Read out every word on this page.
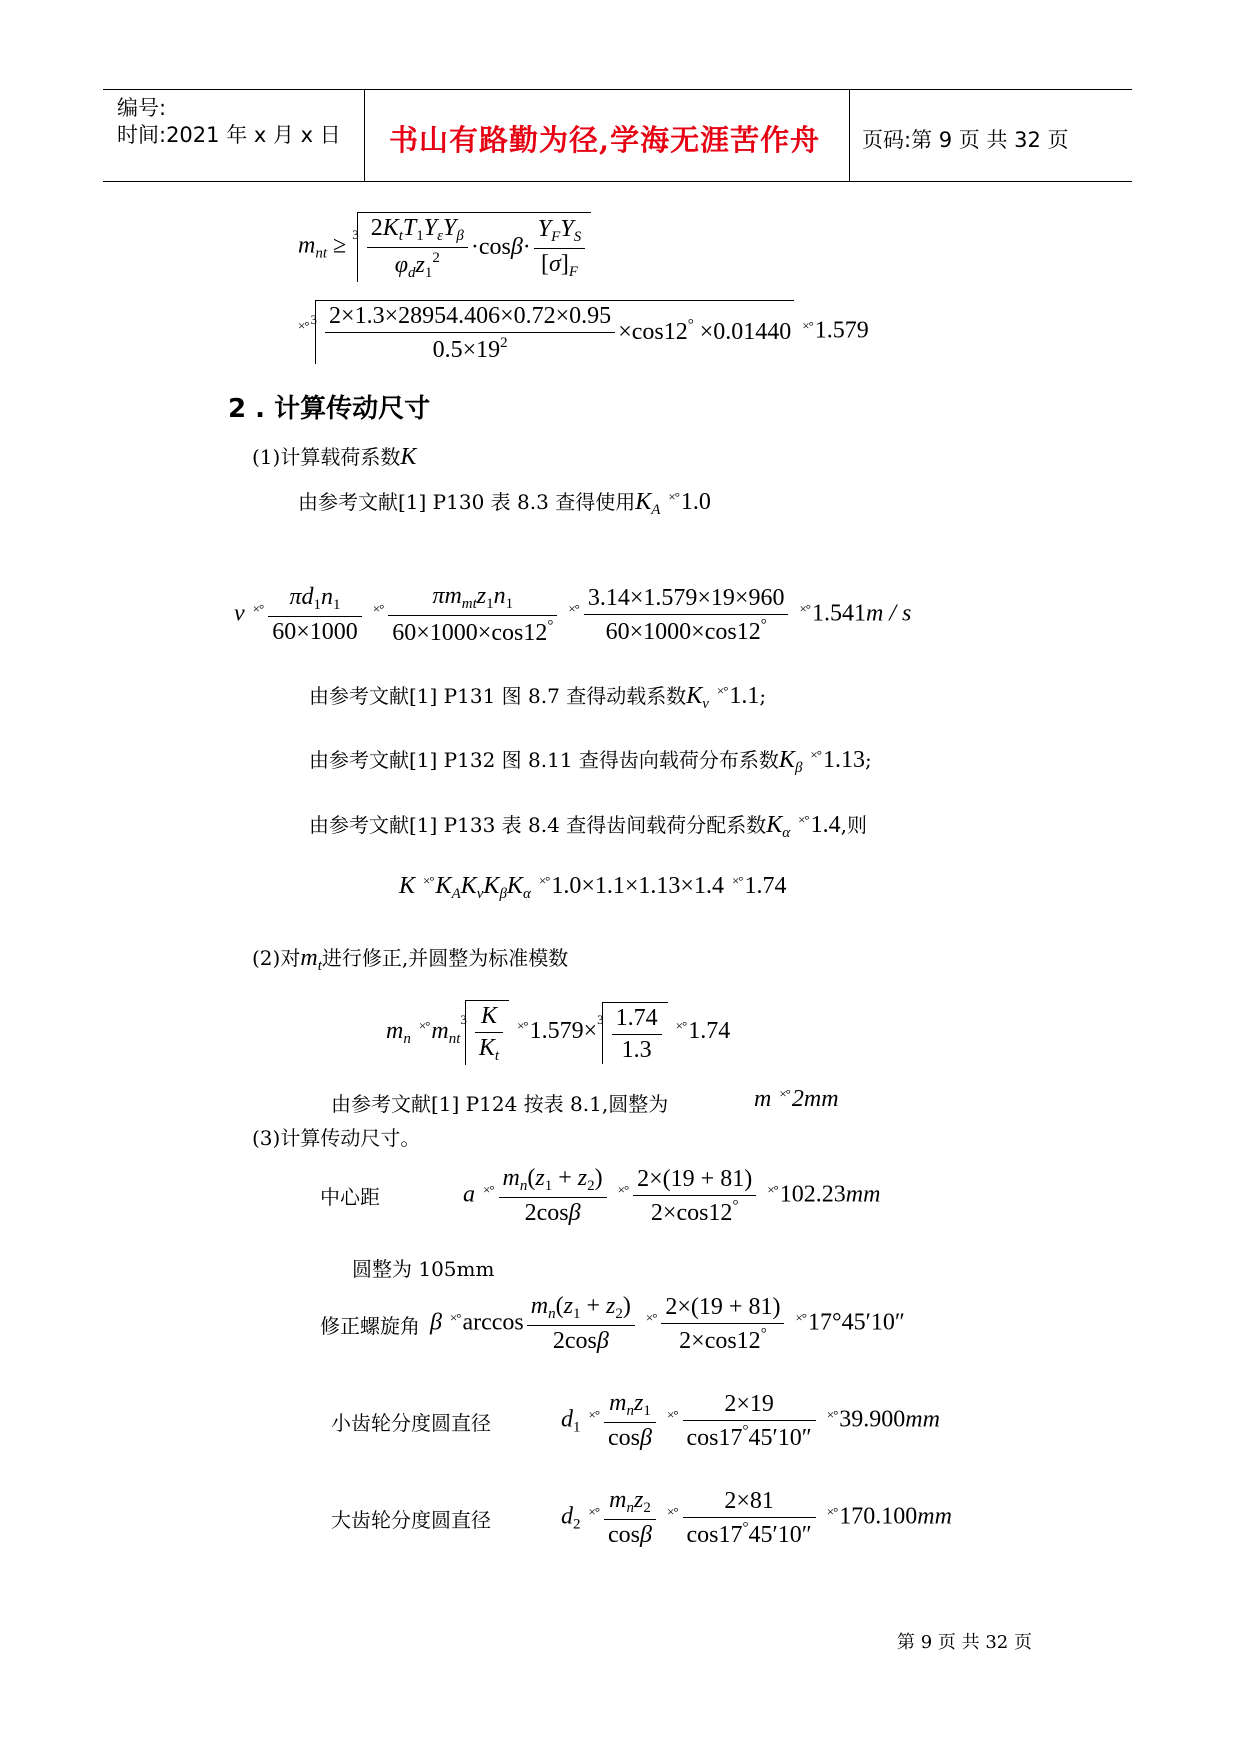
编号:
时间:2021 年 x 月 x 日 书山有路勤为径,学海无涯苦作舟 页码:第 9 页 共 32 页
$m_{nt} \ge ^3 \frac{2K_tT_1Y_\varepsilon Y_\beta}{\varphi_dz_1^2} \cdot\cos\beta\cdot \frac{Y_FY_S}{[\sigma]_F}$
×° $^3 \frac{2\times 1.3\times 28954.406\times 0.72\times 0.95}{0.5\times 19^2} \times\cos 12^\circ \times 0.01440$ ×°1.579
2 . 计算传动尺寸
(1)计算载荷系数K
由参考文献[1] P130 表 8.3 查得使用$K_A$ ×°1.0
v $^{\times^\circ} \frac{\pi d_1n_1}{60\times 1000} ^{\times^\circ} \frac{\pi m_{mt}z_1n_1}{60\times 1000\times\cos 12^\circ} ^{\times^\circ} \frac{3.14\times 1.579\times 19\times 960}{60\times 1000\times\cos 12^\circ} ^{\times^\circ}1.541m$ / s
由参考文献[1] P131 图 8.7 查得动载系数$K_v$ ×°1.1;
由参考文献[1] P132 图 8.11 查得齿向载荷分布系数$K_\beta$ ×°1.13;
由参考文献[1] P133 表 8.4 查得齿间载荷分配系数$K_\alpha$ ×°1.4,则
K $^{\times^\circ}K_AK_vK_\beta K_\alpha$ ×°1.0×1.1×1.13×1.4 ×°1.74
(2)对$m_t$进行修正,并圆整为标准模数
$m_n$ $^{\times^\circ}m_{nt}^3 \frac{K}{K_t} ^{\times^\circ}1.579\times^3 \frac{1.74}{1.3} ^{\times^\circ}1.74$
由参考文献[1] P124 按表 8.1,圆整为	m ×°2mm
(3)计算传动尺寸。
中心距	a $^{\times^\circ} \frac{m_n(z_1 + z_2)}{2\cos\beta} ^{\times^\circ} \frac{2\times(19 + 81)}{2\times\cos 12^\circ} ^{\times^\circ}102.23mm$
圆整为 105mm
修正螺旋角 β $^{\times^\circ}\arccos \frac{m_n(z_1 + z_2)}{2\cos\beta} ^{\times^\circ} \frac{2\times(19 + 81)}{2\times\cos 12^\circ} ^{\times^\circ}17^\circ 45'10''$
小齿轮分度圆直径	$d_1$ $^{\times^\circ} \frac{m_nz_1}{\cos\beta} ^{\times^\circ} \frac{2\times 19}{\cos 17^\circ 45'10''} ^{\times^\circ}39.900mm$
大齿轮分度圆直径	$d_2$ $^{\times^\circ} \frac{m_nz_2}{\cos\beta} ^{\times^\circ} \frac{2\times 81}{\cos 17^\circ 45'10''} ^{\times^\circ}170.100mm$
第 9 页 共 32 页
